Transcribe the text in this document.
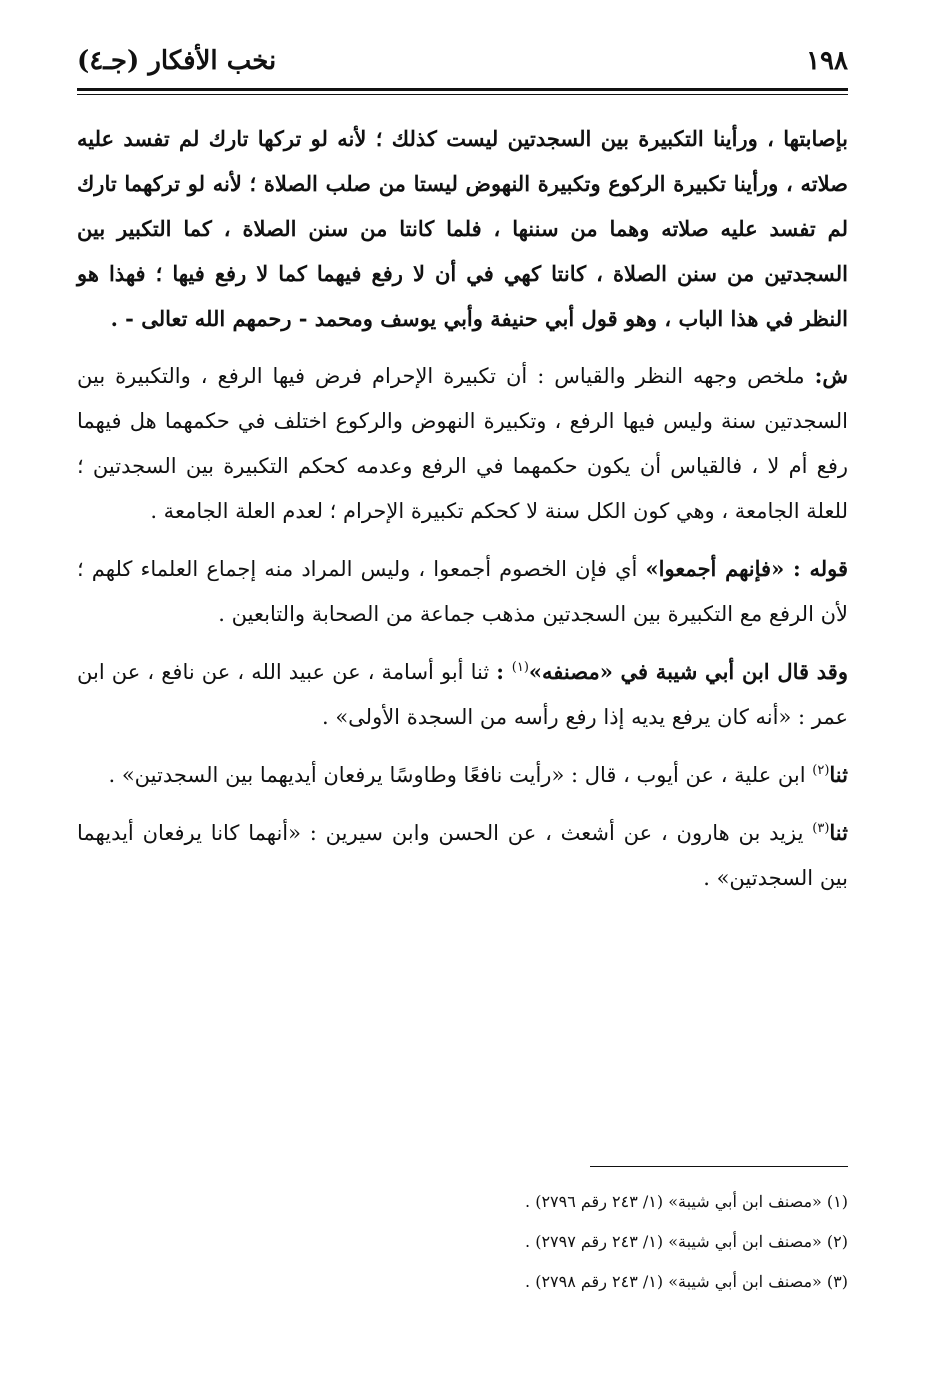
١٩٨
نخب الأفكار (جـ٤)

بإصابتها ، ورأينا التكبيرة بين السجدتين ليست كذلك ؛ لأنه لو تركها تارك لم تفسد عليه صلاته ، ورأينا تكبيرة الركوع وتكبيرة النهوض ليستا من صلب الصلاة ؛ لأنه لو تركهما تارك لم تفسد عليه صلاته وهما من سننها ، فلما كانتا من سنن الصلاة ، كما التكبير بين السجدتين من سنن الصلاة ، كانتا كهي في أن لا رفع فيهما كما لا رفع فيها ؛ فهذا هو النظر في هذا الباب ، وهو قول أبي حنيفة وأبي يوسف ومحمد - رحمهم الله تعالى - .

ش: ملخص وجهه النظر والقياس : أن تكبيرة الإحرام فرض فيها الرفع ، والتكبيرة بين السجدتين سنة وليس فيها الرفع ، وتكبيرة النهوض والركوع اختلف في حكمهما هل فيهما رفع أم لا ، فالقياس أن يكون حكمهما في الرفع وعدمه كحكم التكبيرة بين السجدتين ؛ للعلة الجامعة ، وهي كون الكل سنة لا كحكم تكبيرة الإحرام ؛ لعدم العلة الجامعة .

قوله : «فإنهم أجمعوا» أي فإن الخصوم أجمعوا ، وليس المراد منه إجماع العلماء كلهم ؛ لأن الرفع مع التكبيرة بين السجدتين مذهب جماعة من الصحابة والتابعين .

وقد قال ابن أبي شيبة في «مصنفه»$^{(١)}$ : ثنا أبو أسامة ، عن عبيد الله ، عن نافع ، عن ابن عمر : «أنه كان يرفع يديه إذا رفع رأسه من السجدة الأولى» .

ثنا$^{(٢)}$ ابن علية ، عن أيوب ، قال : «رأيت نافعًا وطاوسًا يرفعان أيديهما بين السجدتين» .

ثنا$^{(٣)}$ يزيد بن هارون ، عن أشعث ، عن الحسن وابن سيرين : «أنهما كانا يرفعان أيديهما بين السجدتين» .

(١) «مصنف ابن أبي شيبة» (١/ ٢٤٣ رقم ٢٧٩٦) .

(٢) «مصنف ابن أبي شيبة» (١/ ٢٤٣ رقم ٢٧٩٧) .

(٣) «مصنف ابن أبي شيبة» (١/ ٢٤٣ رقم ٢٧٩٨) .
